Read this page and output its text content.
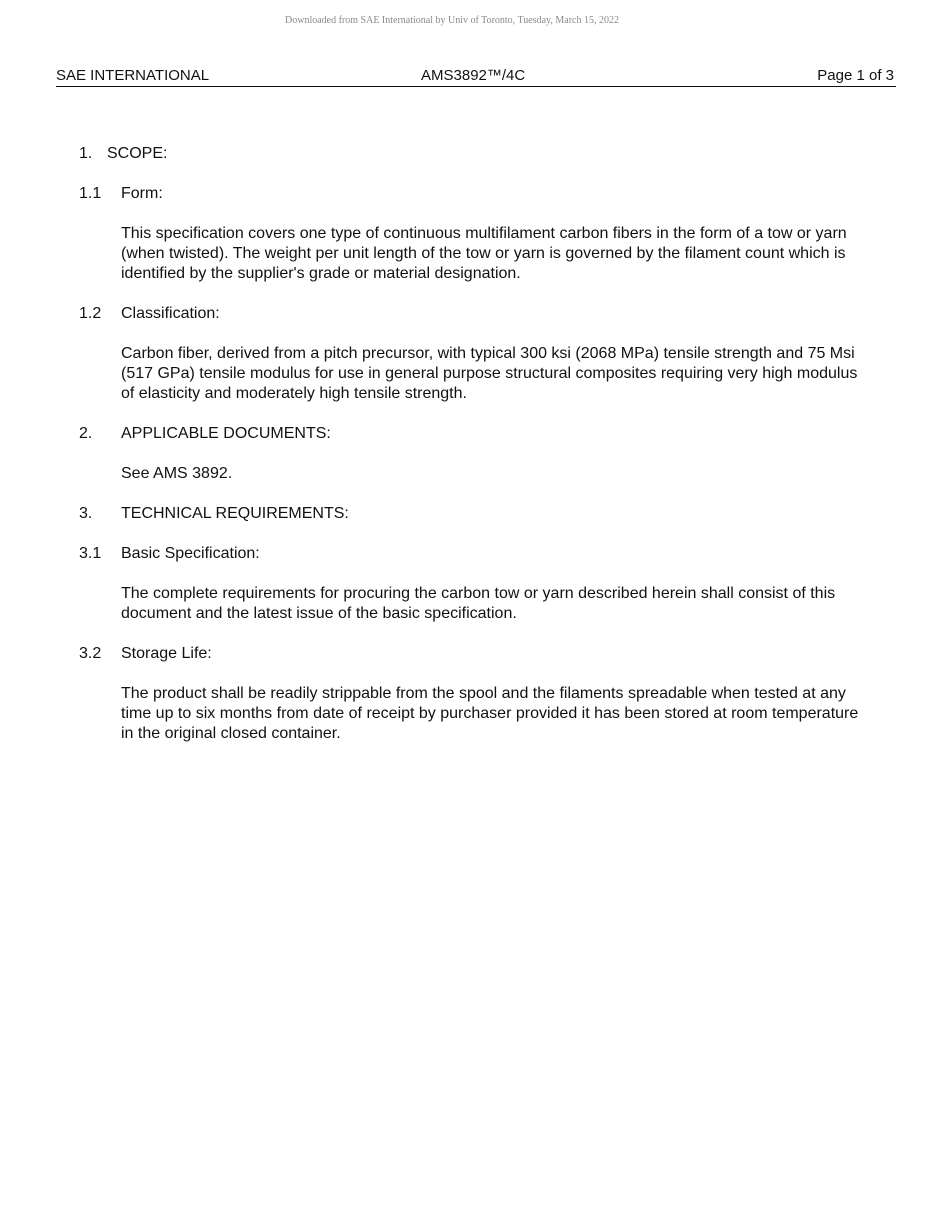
Downloaded from SAE International by Univ of Toronto, Tuesday, March 15, 2022
SAE INTERNATIONAL	AMS3892™/4C	Page 1 of 3
1. SCOPE:
1.1 Form:

This specification covers one type of continuous multifilament carbon fibers in the form of a tow or yarn (when twisted). The weight per unit length of the tow or yarn is governed by the filament count which is identified by the supplier's grade or material designation.

1.2 Classification:

Carbon fiber, derived from a pitch precursor, with typical 300 ksi (2068 MPa) tensile strength and 75 Msi (517 GPa) tensile modulus for use in general purpose structural composites requiring very high modulus of elasticity and moderately high tensile strength.

2. APPLICABLE DOCUMENTS:

See AMS 3892.

3. TECHNICAL REQUIREMENTS:
3.1 Basic Specification:

The complete requirements for procuring the carbon tow or yarn described herein shall consist of this document and the latest issue of the basic specification.

3.2 Storage Life:

The product shall be readily strippable from the spool and the filaments spreadable when tested at any time up to six months from date of receipt by purchaser provided it has been stored at room temperature in the original closed container.
